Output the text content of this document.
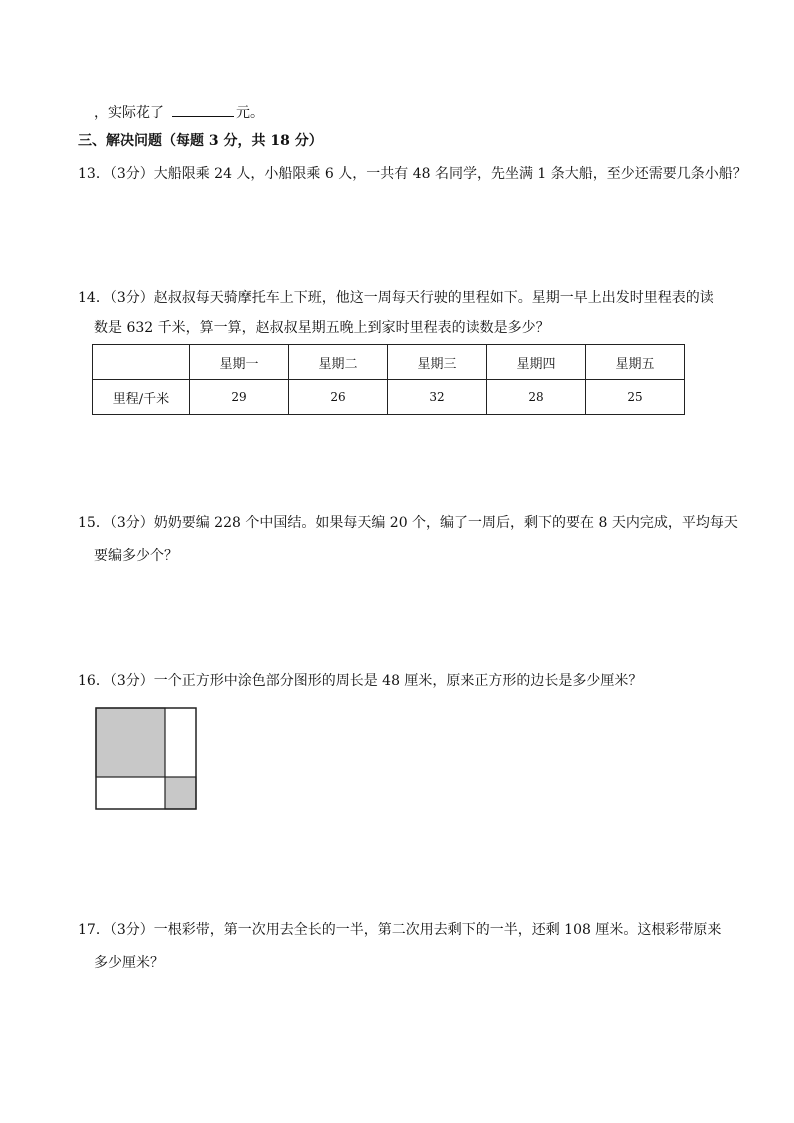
，实际花了	元。
三、解决问题（每题 3 分，共 18 分）
13．（3分）大船限乘 24 人，小船限乘 6 人，一共有 48 名同学，先坐满 1 条大船，至少还需要几条小船？
14．（3分）赵叔叔每天骑摩托车上下班，他这一周每天行驶的里程如下。星期一早上出发时里程表的读
数是 632 千米，算一算，赵叔叔星期五晚上到家时里程表的读数是多少？
	星期一	星期二	星期三	星期四	星期五
里程/千米	29	26	32	28	25
15．（3分）奶奶要编 228 个中国结。如果每天编 20 个，编了一周后，剩下的要在 8 天内完成，平均每天
要编多少个？
16．（3分）一个正方形中涂色部分图形的周长是 48 厘米，原来正方形的边长是多少厘米？
17．（3分）一根彩带，第一次用去全长的一半，第二次用去剩下的一半，还剩 108 厘米。这根彩带原来
多少厘米？
